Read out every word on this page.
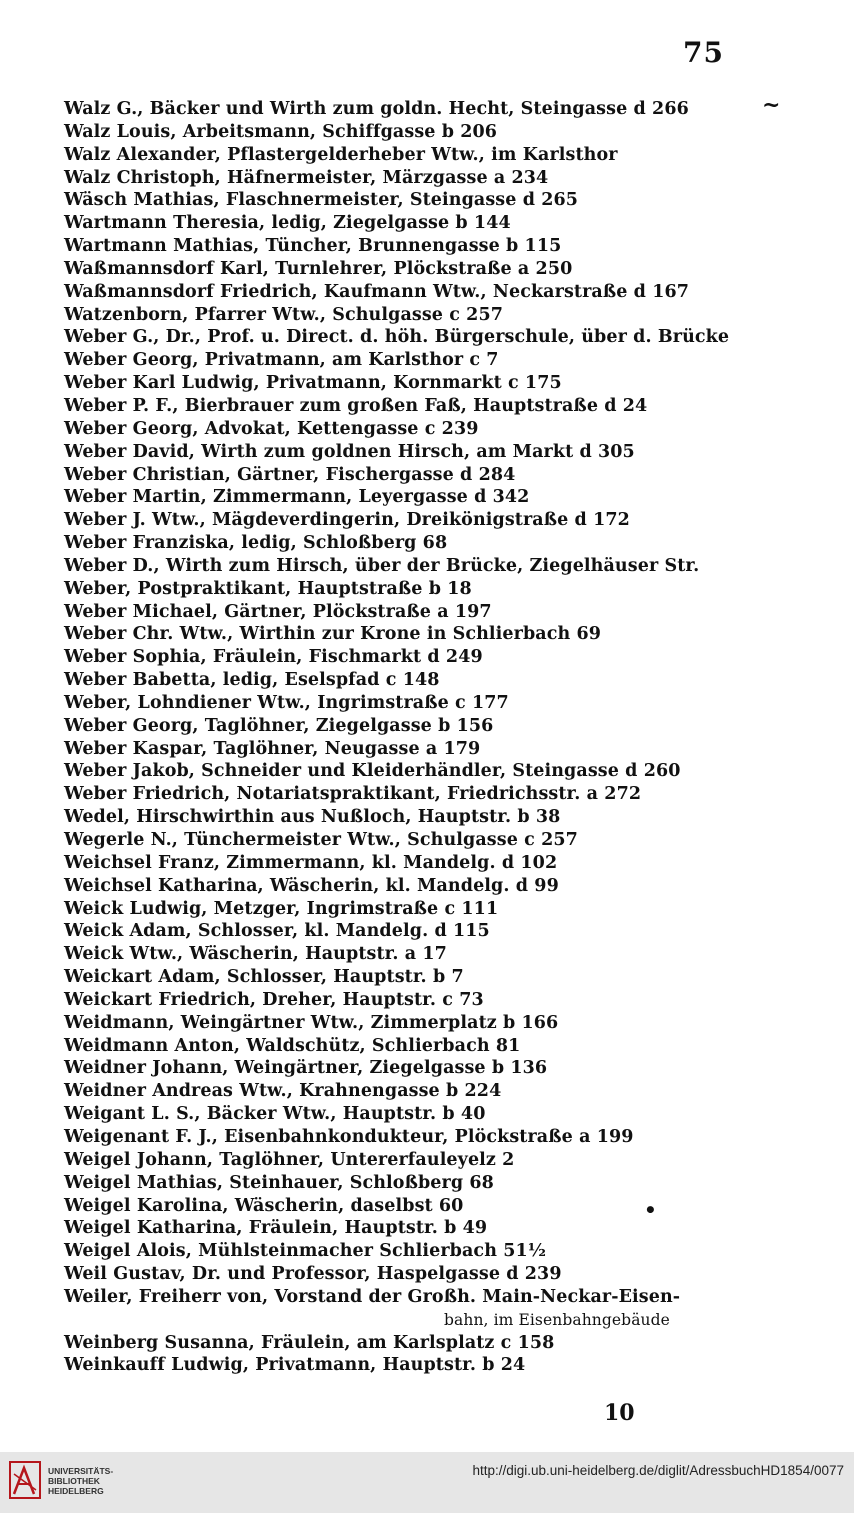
75
~
•
Walz G., Bäcker und Wirth zum goldn. Hecht, Steingasse d 266
Walz Louis, Arbeitsmann, Schiffgasse b 206
Walz Alexander, Pflastergelderheber Wtw., im Karlsthor
Walz Christoph, Häfnermeister, Märzgasse a 234
Wäsch Mathias, Flaschnermeister, Steingasse d 265
Wartmann Theresia, ledig, Ziegelgasse b 144
Wartmann Mathias, Tüncher, Brunnengasse b 115
Waßmannsdorf Karl, Turnlehrer, Plöckstraße a 250
Waßmannsdorf Friedrich, Kaufmann Wtw., Neckarstraße d 167
Watzenborn, Pfarrer Wtw., Schulgasse c 257
Weber G., Dr., Prof. u. Direct. d. höh. Bürgerschule, über d. Brücke
Weber Georg, Privatmann, am Karlsthor c 7
Weber Karl Ludwig, Privatmann, Kornmarkt c 175
Weber P. F., Bierbrauer zum großen Faß, Hauptstraße d 24
Weber Georg, Advokat, Kettengasse c 239
Weber David, Wirth zum goldnen Hirsch, am Markt d 305
Weber Christian, Gärtner, Fischergasse d 284
Weber Martin, Zimmermann, Leyergasse d 342
Weber J. Wtw., Mägdeverdingerin, Dreikönigstraße d 172
Weber Franziska, ledig, Schloßberg 68
Weber D., Wirth zum Hirsch, über der Brücke, Ziegelhäuser Str.
Weber, Postpraktikant, Hauptstraße b 18
Weber Michael, Gärtner, Plöckstraße a 197
Weber Chr. Wtw., Wirthin zur Krone in Schlierbach 69
Weber Sophia, Fräulein, Fischmarkt d 249
Weber Babetta, ledig, Eselspfad c 148
Weber, Lohndiener Wtw., Ingrimstraße c 177
Weber Georg, Taglöhner, Ziegelgasse b 156
Weber Kaspar, Taglöhner, Neugasse a 179
Weber Jakob, Schneider und Kleiderhändler, Steingasse d 260
Weber Friedrich, Notariatspraktikant, Friedrichsstr. a 272
Wedel, Hirschwirthin aus Nußloch, Hauptstr. b 38
Wegerle N., Tünchermeister Wtw., Schulgasse c 257
Weichsel Franz, Zimmermann, kl. Mandelg. d 102
Weichsel Katharina, Wäscherin, kl. Mandelg. d 99
Weick Ludwig, Metzger, Ingrimstraße c 111
Weick Adam, Schlosser, kl. Mandelg. d 115
Weick Wtw., Wäscherin, Hauptstr. a 17
Weickart Adam, Schlosser, Hauptstr. b 7
Weickart Friedrich, Dreher, Hauptstr. c 73
Weidmann, Weingärtner Wtw., Zimmerplatz b 166
Weidmann Anton, Waldschütz, Schlierbach 81
Weidner Johann, Weingärtner, Ziegelgasse b 136
Weidner Andreas Wtw., Krahnengasse b 224
Weigant L. S., Bäcker Wtw., Hauptstr. b 40
Weigenant F. J., Eisenbahnkondukteur, Plöckstraße a 199
Weigel Johann, Taglöhner, Untererfauleyelz 2
Weigel Mathias, Steinhauer, Schloßberg 68
Weigel Karolina, Wäscherin, daselbst 60
Weigel Katharina, Fräulein, Hauptstr. b 49
Weigel Alois, Mühlsteinmacher Schlierbach 51½
Weil Gustav, Dr. und Professor, Haspelgasse d 239
Weiler, Freiherr von, Vorstand der Großh. Main-Neckar-Eisen-
bahn, im Eisenbahngebäude
Weinberg Susanna, Fräulein, am Karlsplatz c 158
Weinkauff Ludwig, Privatmann, Hauptstr. b 24
10
UNIVERSITÄTS-
BIBLIOTHEK
HEIDELBERG
http://digi.ub.uni-heidelberg.de/diglit/AdressbuchHD1854/0077
